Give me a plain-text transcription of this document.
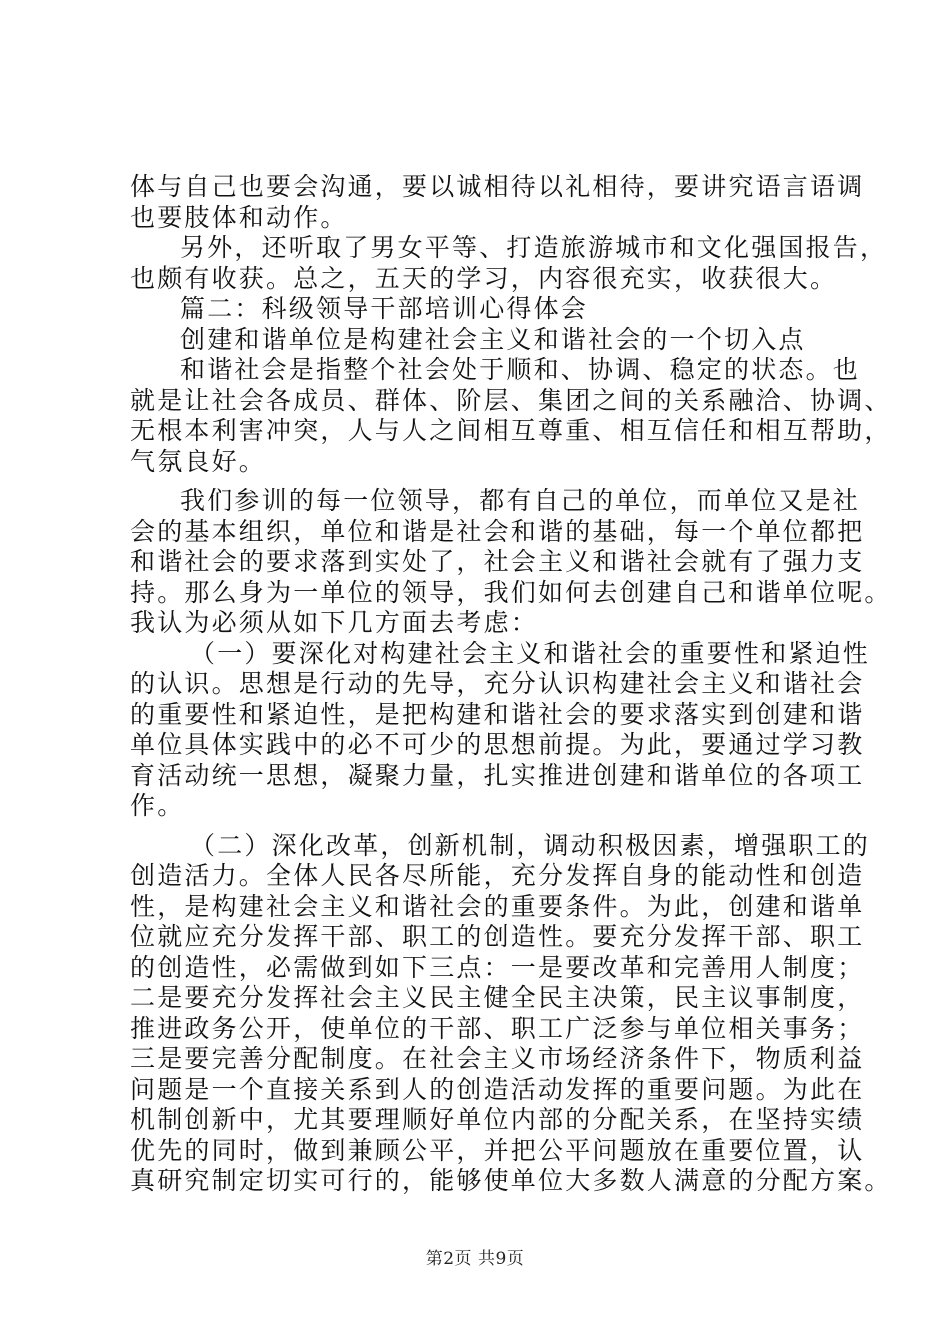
体与自己也要会沟通，要以诚相待以礼相待，要讲究语言语调
也要肢体和动作。
另外，还听取了男女平等、打造旅游城市和文化强国报告，
也颇有收获。总之，五天的学习，内容很充实，收获很大。
篇二：科级领导干部培训心得体会
创建和谐单位是构建社会主义和谐社会的一个切入点
和谐社会是指整个社会处于顺和、协调、稳定的状态。也
就是让社会各成员、群体、阶层、集团之间的关系融洽、协调、
无根本利害冲突，人与人之间相互尊重、相互信任和相互帮助，
气氛良好。
我们参训的每一位领导，都有自己的单位，而单位又是社
会的基本组织，单位和谐是社会和谐的基础，每一个单位都把
和谐社会的要求落到实处了，社会主义和谐社会就有了强力支
持。那么身为一单位的领导，我们如何去创建自己和谐单位呢。
我认为必须从如下几方面去考虑：
（一）要深化对构建社会主义和谐社会的重要性和紧迫性
的认识。思想是行动的先导，充分认识构建社会主义和谐社会
的重要性和紧迫性，是把构建和谐社会的要求落实到创建和谐
单位具体实践中的必不可少的思想前提。为此，要通过学习教
育活动统一思想，凝聚力量，扎实推进创建和谐单位的各项工
作。
（二）深化改革，创新机制，调动积极因素，增强职工的
创造活力。全体人民各尽所能，充分发挥自身的能动性和创造
性，是构建社会主义和谐社会的重要条件。为此，创建和谐单
位就应充分发挥干部、职工的创造性。要充分发挥干部、职工
的创造性，必需做到如下三点：一是要改革和完善用人制度；
二是要充分发挥社会主义民主健全民主决策，民主议事制度，
推进政务公开，使单位的干部、职工广泛参与单位相关事务；
三是要完善分配制度。在社会主义市场经济条件下，物质利益
问题是一个直接关系到人的创造活动发挥的重要问题。为此在
机制创新中，尤其要理顺好单位内部的分配关系，在坚持实绩
优先的同时，做到兼顾公平，并把公平问题放在重要位置，认
真研究制定切实可行的，能够使单位大多数人满意的分配方案。
第2页 共9页
